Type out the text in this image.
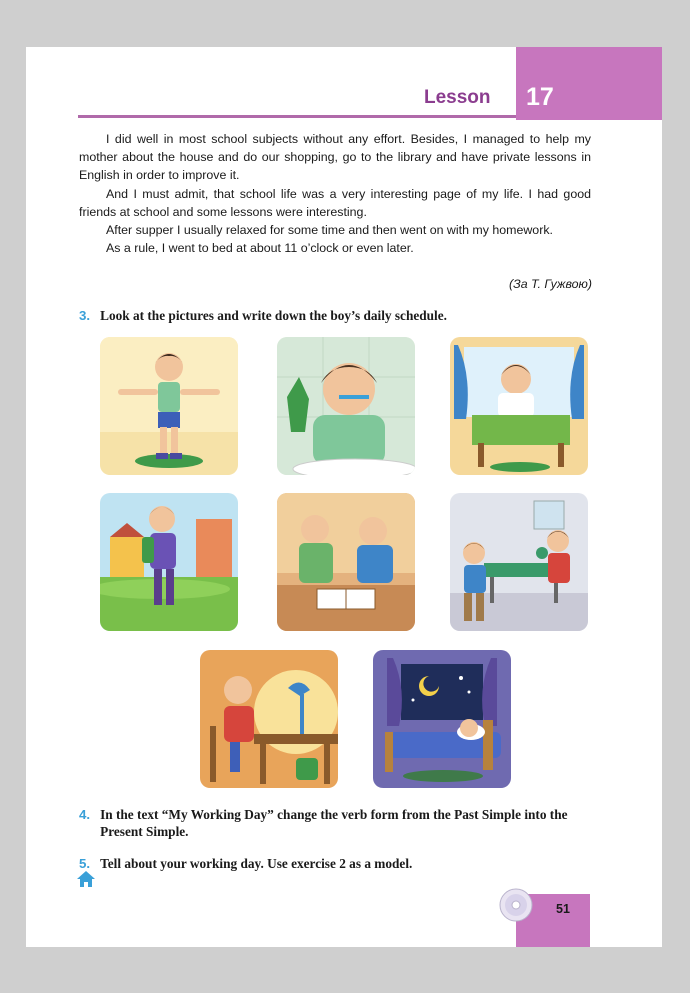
Lesson 17

I did well in most school subjects without any effort. Besides, I managed to help my mother about the house and do our shopping, go to the library and have private lessons in English in order to improve it.

And I must admit, that school life was a very interesting page of my life. I had good friends at school and some lessons were interesting.

After supper I usually relaxed for some time and then went on with my homework.

As a rule, I went to bed at about 11 o’clock or even later.

(За Т. Гужвою)
3. Look at the pictures and write down the boy’s daily schedule.
4. In the text “My Working Day” change the verb form from the Past Simple into the Present Simple.
5. Tell about your working day. Use exercise 2 as a model.
51
